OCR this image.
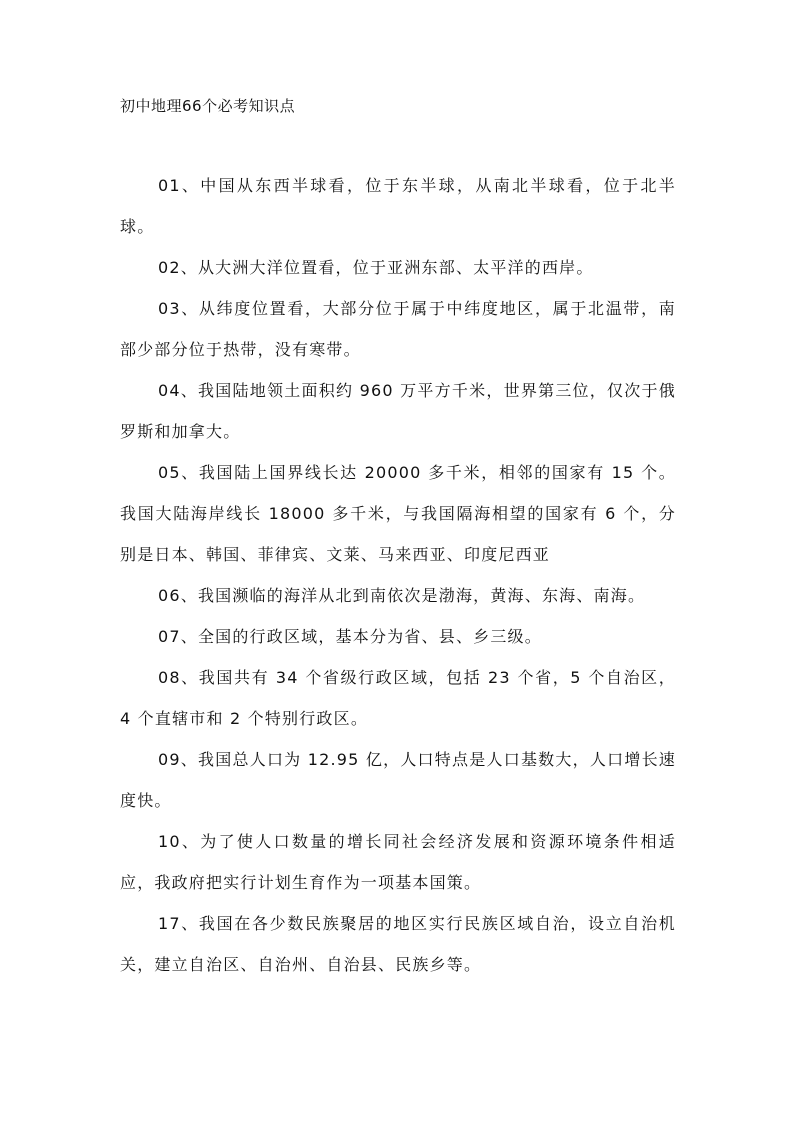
初中地理66个必考知识点

01、中国从东西半球看，位于东半球，从南北半球看，位于北半球。

02、从大洲大洋位置看，位于亚洲东部、太平洋的西岸。

03、从纬度位置看，大部分位于属于中纬度地区，属于北温带，南部少部分位于热带，没有寒带。

04、我国陆地领土面积约 960 万平方千米，世界第三位，仅次于俄罗斯和加拿大。

05、我国陆上国界线长达 20000 多千米，相邻的国家有 15 个。我国大陆海岸线长 18000 多千米，与我国隔海相望的国家有 6 个，分别是日本、韩国、菲律宾、文莱、马来西亚、印度尼西亚

06、我国濒临的海洋从北到南依次是渤海，黄海、东海、南海。

07、全国的行政区域，基本分为省、县、乡三级。

08、我国共有 34 个省级行政区域，包括 23 个省，5 个自治区，4 个直辖市和 2 个特别行政区。

09、我国总人口为 12.95 亿，人口特点是人口基数大，人口增长速度快。

10、为了使人口数量的增长同社会经济发展和资源环境条件相适应，我政府把实行计划生育作为一项基本国策。

17、我国在各少数民族聚居的地区实行民族区域自治，设立自治机关，建立自治区、自治州、自治县、民族乡等。
